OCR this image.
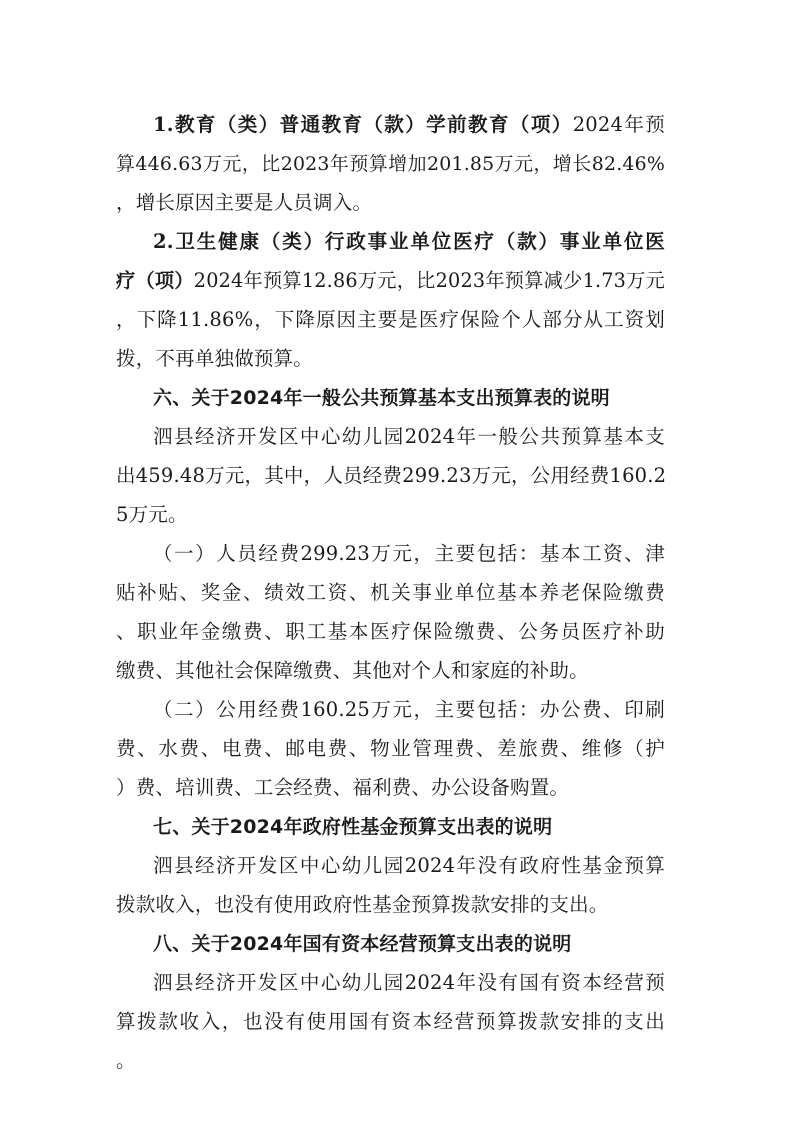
1.教育（类）普通教育（款）学前教育（项）2024年预
算446.63万元，比2023年预算增加201.85万元，增长82.46%
，增长原因主要是人员调入。
2.卫生健康（类）行政事业单位医疗（款）事业单位医
疗（项）2024年预算12.86万元，比2023年预算减少1.73万元
，下降11.86%，下降原因主要是医疗保险个人部分从工资划
拨，不再单独做预算。
六、关于2024年一般公共预算基本支出预算表的说明
泗县经济开发区中心幼儿园2024年一般公共预算基本支
出459.48万元，其中，人员经费299.23万元，公用经费160.2
5万元。
（一）人员经费299.23万元，主要包括：基本工资、津
贴补贴、奖金、绩效工资、机关事业单位基本养老保险缴费
、职业年金缴费、职工基本医疗保险缴费、公务员医疗补助
缴费、其他社会保障缴费、其他对个人和家庭的补助。
（二）公用经费160.25万元，主要包括：办公费、印刷
费、水费、电费、邮电费、物业管理费、差旅费、维修（护
）费、培训费、工会经费、福利费、办公设备购置。
七、关于2024年政府性基金预算支出表的说明
泗县经济开发区中心幼儿园2024年没有政府性基金预算
拨款收入，也没有使用政府性基金预算拨款安排的支出。
八、关于2024年国有资本经营预算支出表的说明
泗县经济开发区中心幼儿园2024年没有国有资本经营预
算拨款收入，也没有使用国有资本经营预算拨款安排的支出
。
